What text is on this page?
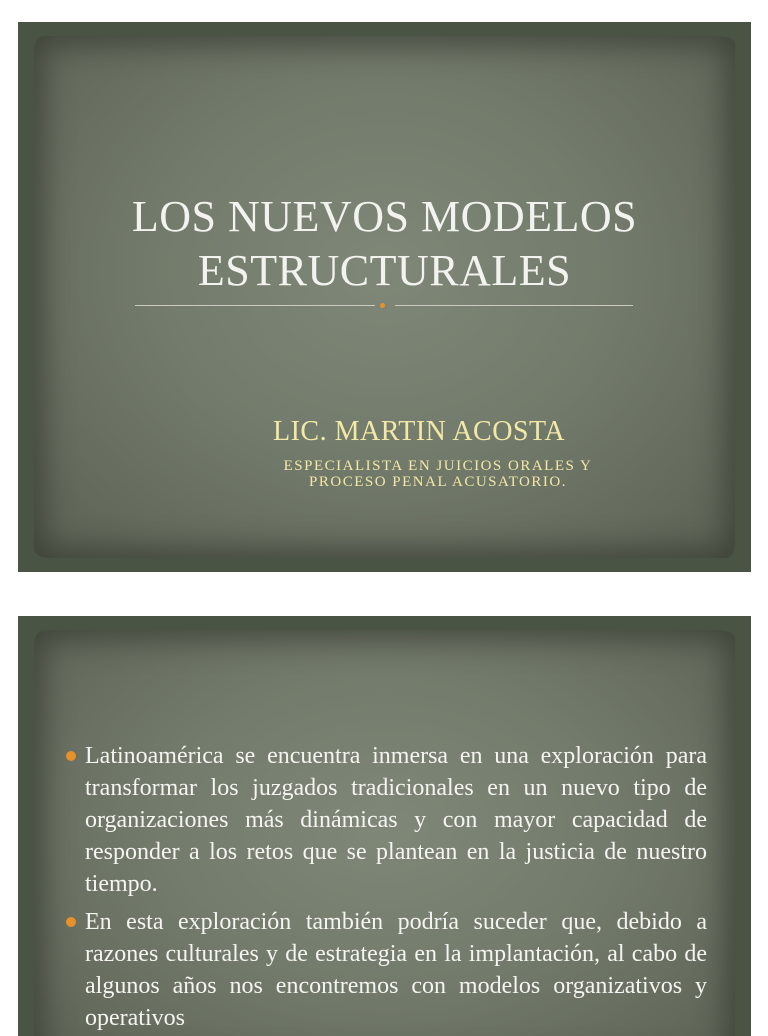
LOS NUEVOS MODELOS
ESTRUCTURALES
LIC. MARTIN ACOSTA
ESPECIALISTA EN JUICIOS ORALES Y
PROCESO PENAL ACUSATORIO.
Latinoamérica se encuentra inmersa en una exploración para transformar los juzgados tradicionales en un nuevo tipo de organizaciones más dinámicas y con mayor capacidad de responder a los retos que se plantean en la justicia de nuestro tiempo.
En esta exploración también podría suceder que, debido a razones culturales y de estrategia en la implantación, al cabo de algunos años nos encontremos con modelos organizativos y operativos
